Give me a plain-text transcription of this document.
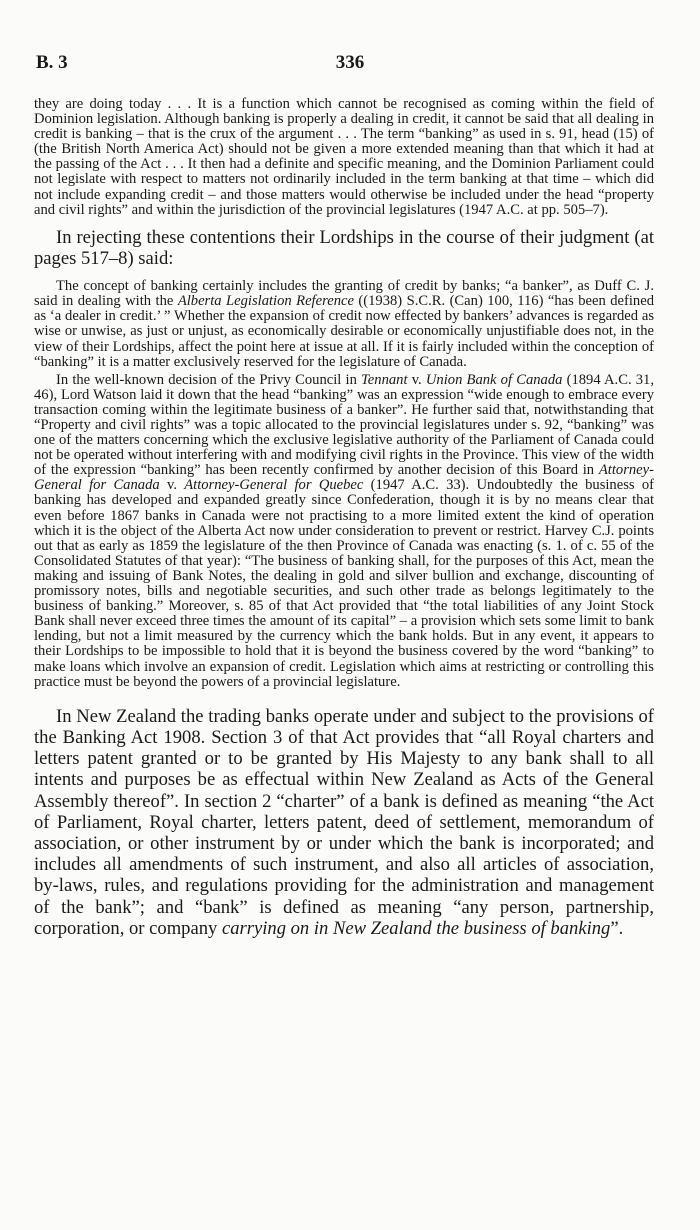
B. 3	336

they are doing today . . . It is a function which cannot be recognised as coming within the field of Dominion legislation. Although banking is properly a dealing in credit, it cannot be said that all dealing in credit is banking – that is the crux of the argument . . . The term “banking” as used in s. 91, head (15) of (the British North America Act) should not be given a more extended meaning than that which it had at the passing of the Act . . . It then had a definite and specific meaning, and the Dominion Parliament could not legislate with respect to matters not ordinarily included in the term banking at that time – which did not include expanding credit – and those matters would otherwise be included under the head “property and civil rights” and within the jurisdiction of the provincial legislatures (1947 A.C. at pp. 505–7).

In rejecting these contentions their Lordships in the course of their judgment (at pages 517–8) said:

The concept of banking certainly includes the granting of credit by banks; “a banker”, as Duff C. J. said in dealing with the Alberta Legislation Reference ((1938) S.C.R. (Can) 100, 116) “has been defined as ‘a dealer in credit.’ ” Whether the expansion of credit now effected by bankers’ advances is regarded as wise or unwise, as just or unjust, as economically desirable or economically unjustifiable does not, in the view of their Lordships, affect the point here at issue at all. If it is fairly included within the conception of “banking” it is a matter exclusively reserved for the legislature of Canada.

In the well-known decision of the Privy Council in Tennant v. Union Bank of Canada (1894 A.C. 31, 46), Lord Watson laid it down that the head “banking” was an expression “wide enough to embrace every transaction coming within the legitimate business of a banker”. He further said that, notwithstanding that “Property and civil rights” was a topic allocated to the provincial legislatures under s. 92, “banking” was one of the matters concerning which the exclusive legislative authority of the Parliament of Canada could not be operated without interfering with and modifying civil rights in the Province. This view of the width of the expression “banking” has been recently confirmed by another decision of this Board in Attorney-General for Canada v. Attorney-General for Quebec (1947 A.C. 33). Undoubtedly the business of banking has developed and expanded greatly since Confederation, though it is by no means clear that even before 1867 banks in Canada were not practising to a more limited extent the kind of operation which it is the object of the Alberta Act now under consideration to prevent or restrict. Harvey C.J. points out that as early as 1859 the legislature of the then Province of Canada was enacting (s. 1. of c. 55 of the Consolidated Statutes of that year): “The business of banking shall, for the purposes of this Act, mean the making and issuing of Bank Notes, the dealing in gold and silver bullion and exchange, discounting of promissory notes, bills and negotiable securities, and such other trade as belongs legitimately to the business of banking.” Moreover, s. 85 of that Act provided that “the total liabilities of any Joint Stock Bank shall never exceed three times the amount of its capital” – a provision which sets some limit to bank lending, but not a limit measured by the currency which the bank holds. But in any event, it appears to their Lordships to be impossible to hold that it is beyond the business covered by the word “banking” to make loans which involve an expansion of credit. Legislation which aims at restricting or controlling this practice must be beyond the powers of a provincial legislature.

In New Zealand the trading banks operate under and subject to the provisions of the Banking Act 1908. Section 3 of that Act provides that “all Royal charters and letters patent granted or to be granted by His Majesty to any bank shall to all intents and purposes be as effectual within New Zealand as Acts of the General Assembly thereof”. In section 2 “charter” of a bank is defined as meaning “the Act of Parliament, Royal charter, letters patent, deed of settlement, memorandum of association, or other instrument by or under which the bank is incorporated; and includes all amendments of such instrument, and also all articles of association, by-laws, rules, and regulations providing for the administration and management of the bank”; and “bank” is defined as meaning “any person, partnership, corporation, or company carrying on in New Zealand the business of banking”.
